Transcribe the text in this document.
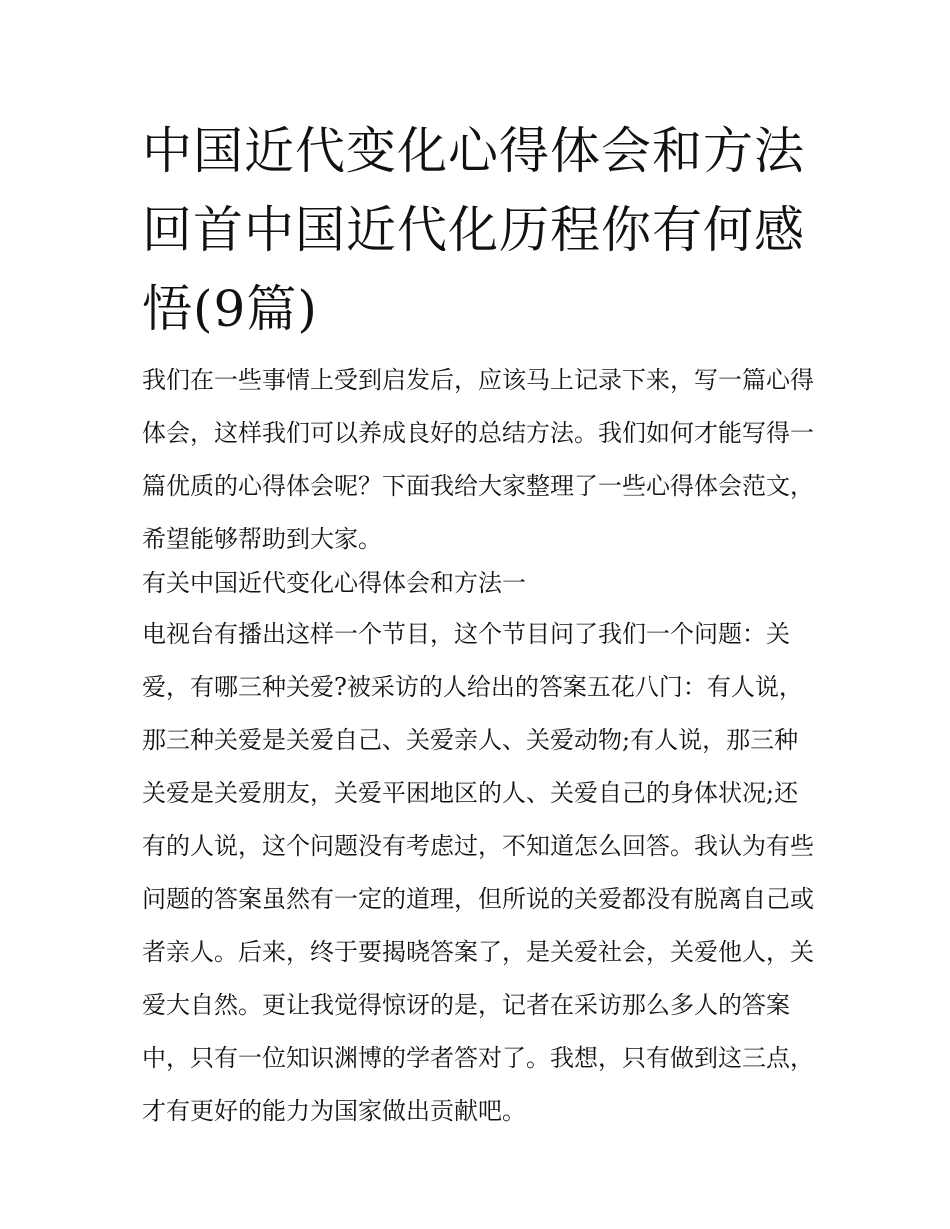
中国近代变化心得体会和方法回首中国近代化历程你有何感悟(9篇)

我们在一些事情上受到启发后，应该马上记录下来，写一篇心得体会，这样我们可以养成良好的总结方法。我们如何才能写得一篇优质的心得体会呢？下面我给大家整理了一些心得体会范文，希望能够帮助到大家。

有关中国近代变化心得体会和方法一

电视台有播出这样一个节目，这个节目问了我们一个问题：关爱，有哪三种关爱?被采访的人给出的答案五花八门：有人说，那三种关爱是关爱自己、关爱亲人、关爱动物;有人说，那三种关爱是关爱朋友，关爱平困地区的人、关爱自己的身体状况;还有的人说，这个问题没有考虑过，不知道怎么回答。我认为有些问题的答案虽然有一定的道理，但所说的关爱都没有脱离自己或者亲人。后来，终于要揭晓答案了，是关爱社会，关爱他人，关爱大自然。更让我觉得惊讶的是，记者在采访那么多人的答案中，只有一位知识渊博的学者答对了。我想，只有做到这三点，才有更好的能力为国家做出贡献吧。
